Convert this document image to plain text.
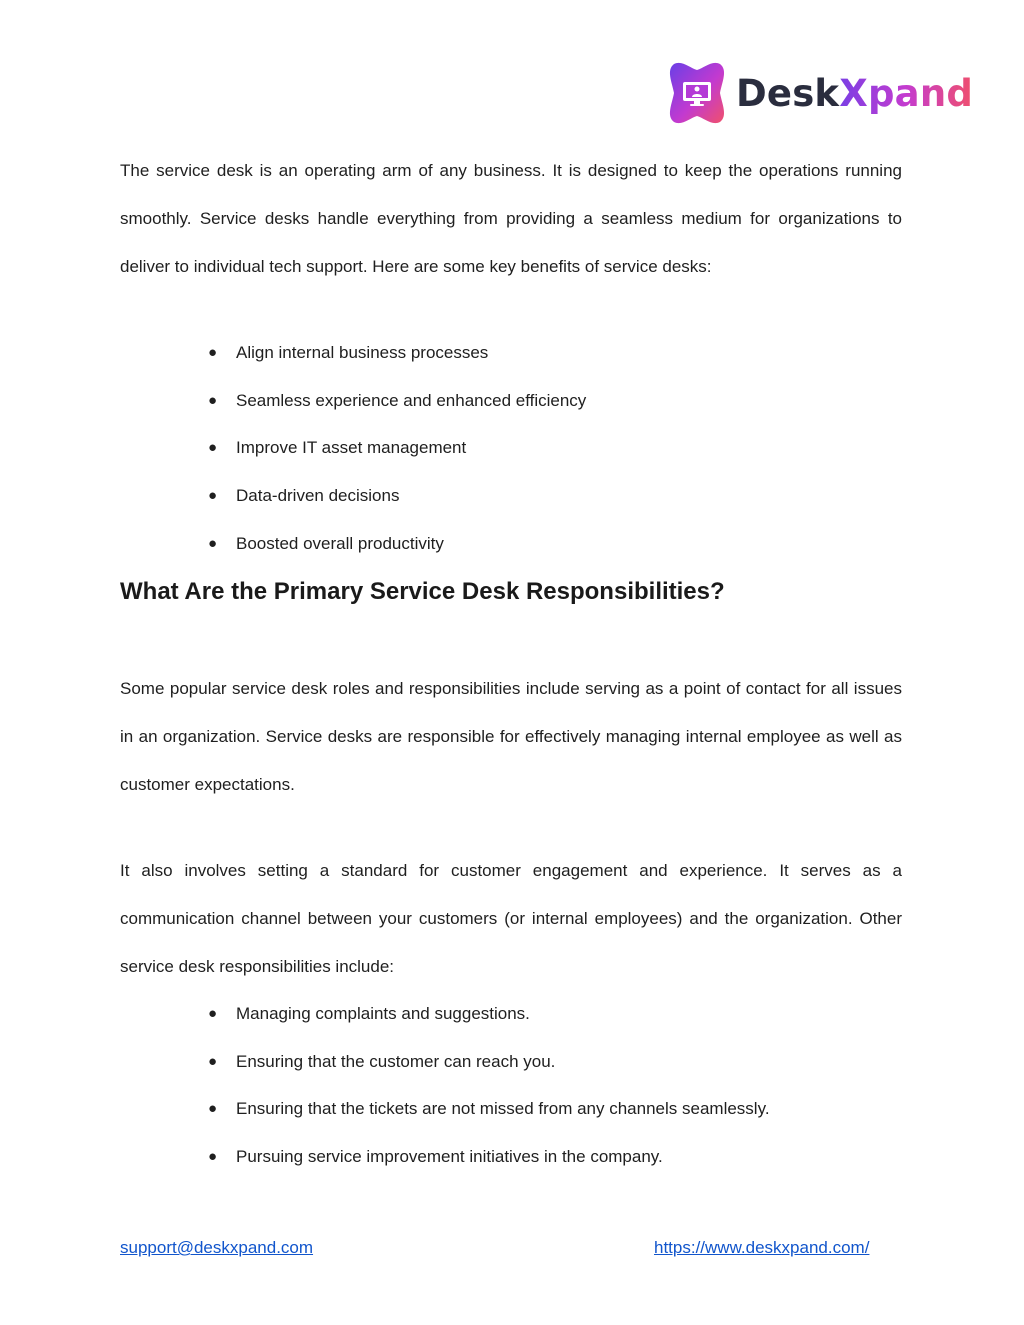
DeskXpand

The service desk is an operating arm of any business. It is designed to keep the operations running smoothly. Service desks handle everything from providing a seamless medium for organizations to deliver to individual tech support. Here are some key benefits of service desks:

● Align internal business processes
● Seamless experience and enhanced efficiency
● Improve IT asset management
● Data-driven decisions
● Boosted overall productivity
What Are the Primary Service Desk Responsibilities?

Some popular service desk roles and responsibilities include serving as a point of contact for all issues in an organization. Service desks are responsible for effectively managing internal employee as well as customer expectations.

It also involves setting a standard for customer engagement and experience. It serves as a communication channel between your customers (or internal employees) and the organization. Other service desk responsibilities include:

● Managing complaints and suggestions.
● Ensuring that the customer can reach you.
● Ensuring that the tickets are not missed from any channels seamlessly.
● Pursuing service improvement initiatives in the company.
support@deskxpand.com	https://www.deskxpand.com/
